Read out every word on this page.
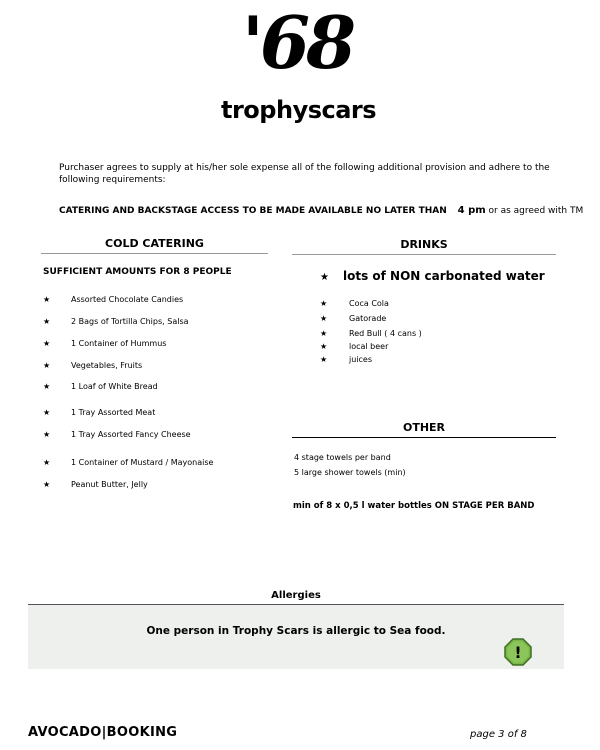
'68
trophyscars
Purchaser agrees to supply at his/her sole expense all of the following additional provision and adhere to the following requirements:
CATERING AND BACKSTAGE ACCESS TO BE MADE AVAILABLE NO LATER THAN 4 pm or as agreed with TM
COLD CATERING
SUFFICIENT AMOUNTS FOR 8 PEOPLE
★	Assorted Chocolate Candies
★	2 Bags of Tortilla Chips, Salsa
★	1 Container of Hummus
★	Vegetables, Fruits
★	1 Loaf of White Bread
★	1 Tray Assorted Meat
★	1 Tray Assorted Fancy Cheese
★	1 Container of Mustard / Mayonaise
★	Peanut Butter, Jelly
DRINKS
★ lots of NON carbonated water
★	Coca Cola
★	Gatorade
★	Red Bull ( 4 cans )
★	local beer
★	juices
OTHER
4 stage towels per band
5 large shower towels (min)
min of 8 x 0,5 l water bottles ON STAGE PER BAND
Allergies
One person in Trophy Scars is allergic to Sea food.
!
AVOCADO|BOOKING	page 3 of 8
